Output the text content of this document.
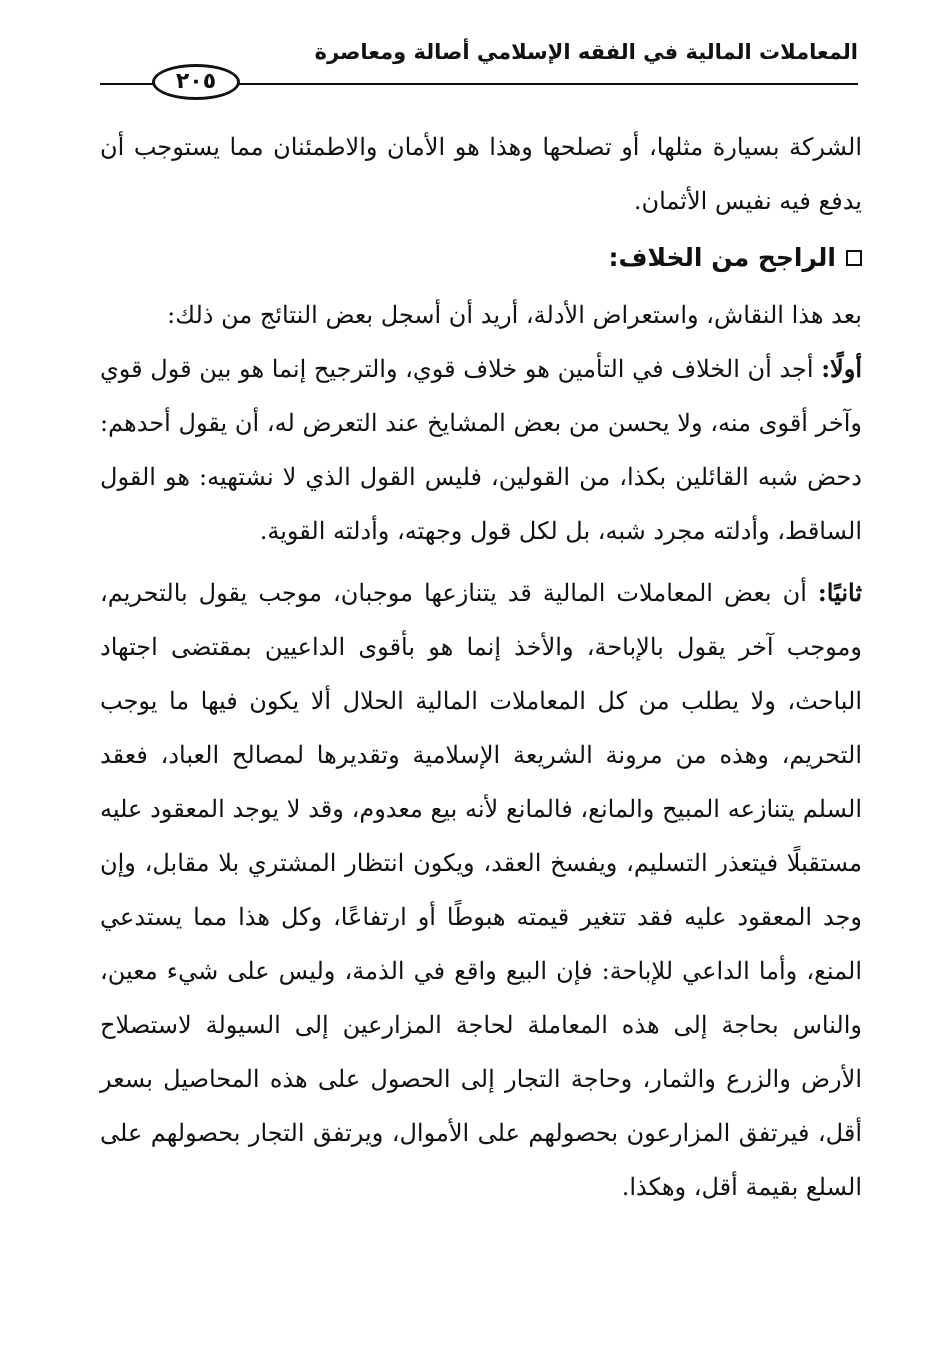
المعاملات المالية في الفقه الإسلامي أصالة ومعاصرة
٢٠٥

الشركة بسيارة مثلها، أو تصلحها وهذا هو الأمان والاطمئنان مما يستوجب أن يدفع فيه نفيس الأثمان.

الراجح من الخلاف:

بعد هذا النقاش، واستعراض الأدلة، أريد أن أسجل بعض النتائج من ذلك:

أولًا: أجد أن الخلاف في التأمين هو خلاف قوي، والترجيح إنما هو بين قول قوي وآخر أقوى منه، ولا يحسن من بعض المشايخ عند التعرض له، أن يقول أحدهم: دحض شبه القائلين بكذا، من القولين، فليس القول الذي لا نشتهيه: هو القول الساقط، وأدلته مجرد شبه، بل لكل قول وجهته، وأدلته القوية.

ثانيًا: أن بعض المعاملات المالية قد يتنازعها موجبان، موجب يقول بالتحريم، وموجب آخر يقول بالإباحة، والأخذ إنما هو بأقوى الداعيين بمقتضى اجتهاد الباحث، ولا يطلب من كل المعاملات المالية الحلال ألا يكون فيها ما يوجب التحريم، وهذه من مرونة الشريعة الإسلامية وتقديرها لمصالح العباد، فعقد السلم يتنازعه المبيح والمانع، فالمانع لأنه بيع معدوم، وقد لا يوجد المعقود عليه مستقبلًا فيتعذر التسليم، ويفسخ العقد، ويكون انتظار المشتري بلا مقابل، وإن وجد المعقود عليه فقد تتغير قيمته هبوطًا أو ارتفاعًا، وكل هذا مما يستدعي المنع، وأما الداعي للإباحة: فإن البيع واقع في الذمة، وليس على شيء معين، والناس بحاجة إلى هذه المعاملة لحاجة المزارعين إلى السيولة لاستصلاح الأرض والزرع والثمار، وحاجة التجار إلى الحصول على هذه المحاصيل بسعر أقل، فيرتفق المزارعون بحصولهم على الأموال، ويرتفق التجار بحصولهم على السلع بقيمة أقل، وهكذا.
